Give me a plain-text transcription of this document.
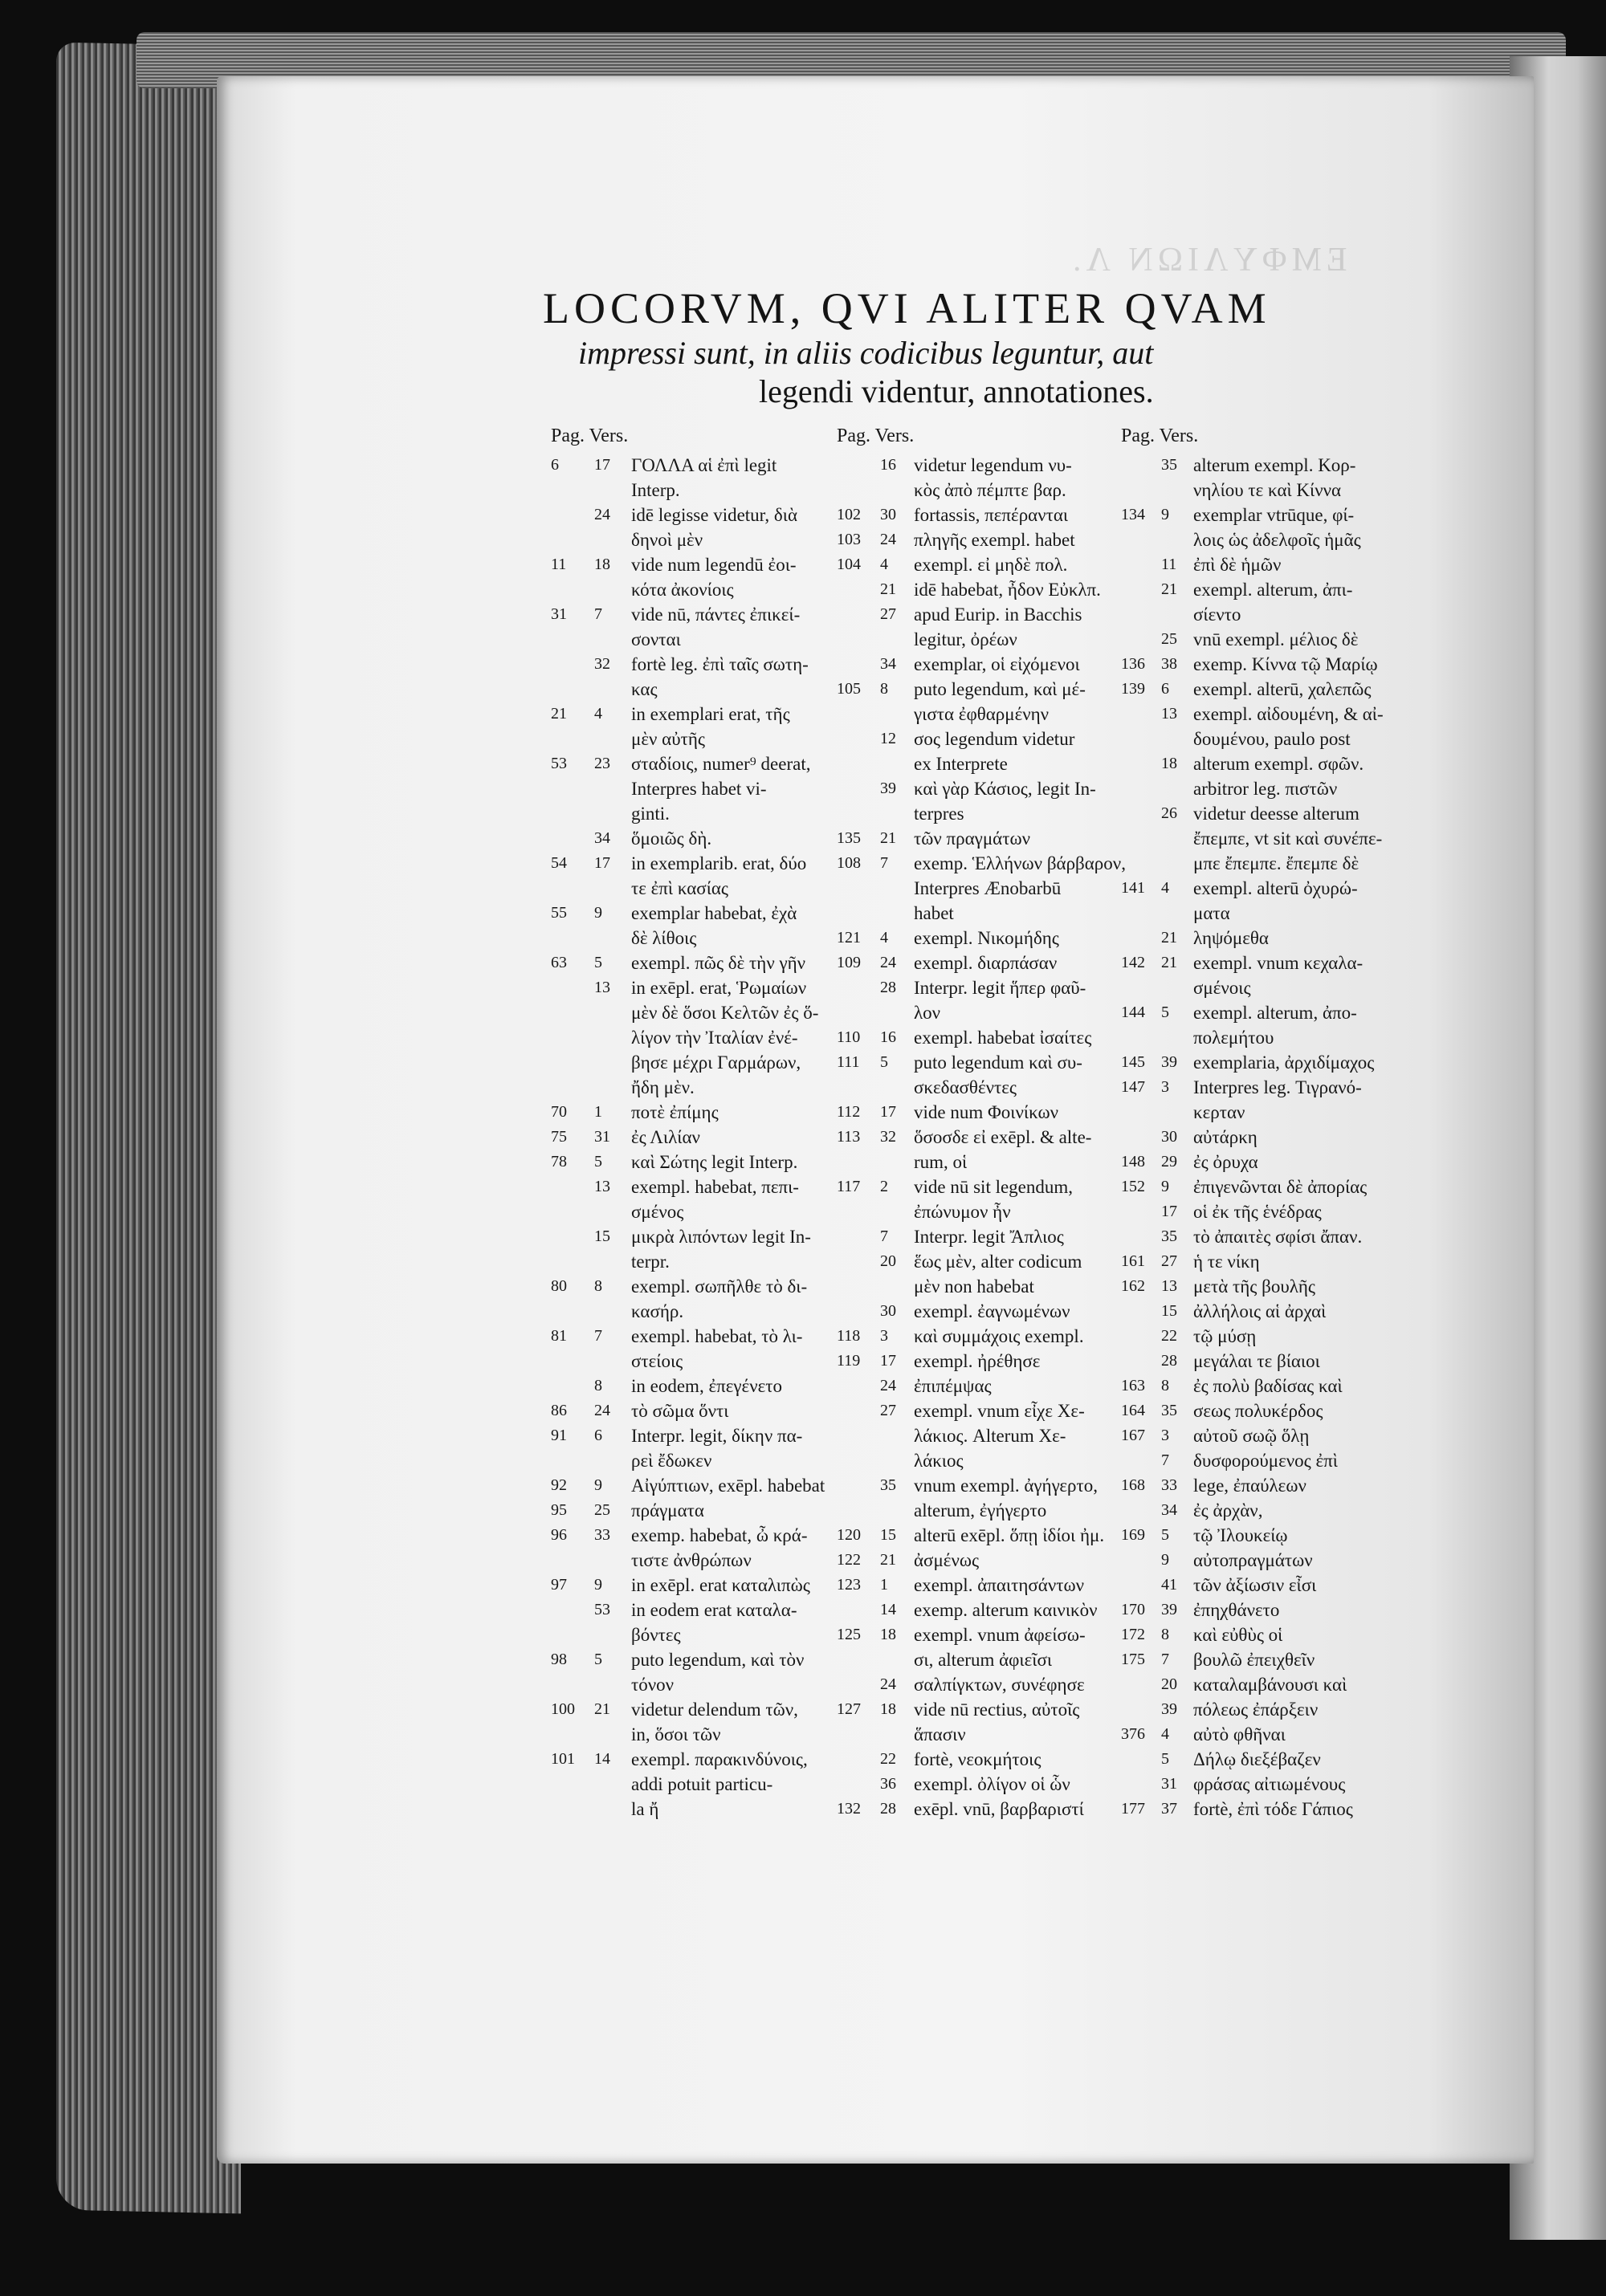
EMΦYΛIΩN Λ.
LOCORVM, QVI ALITER QVAM
impressi sunt, in aliis codicibus leguntur, aut
legendi videntur, annotationes.
Pag. Vers.
6 17 ΓΟΛΛΑ αἱ ἐπὶ legit
Interp.
24 idē legisse videtur, διὰ
δηνοὶ μὲν
11 18 vide num legendū ἐοι-
κότα ἀκονίοις
31 7 vide nū, πάντες ἐπικεί-
σονται
32 fortè leg. ἐπὶ ταῖς σωτη-
κας
21 4 in exemplari erat, τῆς
μὲν αὐτῆς
53 23 σταδίοις, numer⁹ deerat,
Interpres habet vi-
ginti.
34 ὅμοιῶς δὴ.
54 17 in exemplarib. erat, δύο
τε ἐπὶ κασίας
55 9 exemplar habebat, ἐχὰ
δὲ λίθοις
63 5 exempl. πῶς δὲ τὴν γῆν
13 in exēpl. erat, Ῥωμαίων
μὲν δὲ ὅσοι Κελτῶν ἐς ὅ-
λίγον τὴν Ἰταλίαν ἐνέ-
βησε μέχρι Γαρμάρων,
ἤδη μὲν.
70 1 ποτὲ ἐπίμης
75 31 ἐς Λιλίαν
78 5 καὶ Σώτης legit Interp.
13 exempl. habebat, πεπι-
σμένος
15 μικρὰ λιπόντων legit In-
terpr.
80 8 exempl. σωπῆλθε τὸ δι-
κασήρ.
81 7 exempl. habebat, τὸ λι-
στείοις
8 in eodem, ἐπεγένετο
86 24 τὸ σῶμα ὅντι
91 6 Interpr. legit, δίκην πα-
ρεὶ ἔδωκεν
92 9 Αἰγύπτιων, exēpl. habebat
95 25 πράγματα
96 33 exemp. habebat, ὦ κρά-
τιστε ἀνθρώπων
97 9 in exēpl. erat καταλιπὼς
53 in eodem erat καταλα-
βόντες
98 5 puto legendum, καὶ τὸν
τόνον
100 21 videtur delendum τῶν,
in, ὅσοι τῶν
101 14 exempl. παρακινδύνοις,
addi potuit particu-
la ἤ
Pag. Vers.
16 videtur legendum νυ-
κὸς ἀπὸ πέμπτε βαρ.
102 30 fortassis, πεπέρανται
103 24 πληγῆς exempl. habet
104 4 exempl. εἰ μηδὲ πολ.
21 idē habebat, ἦδον Εὐκλπ.
27 apud Eurip. in Bacchis
legitur, ὀρέων
34 exemplar, οἱ εἰχόμενοι
105 8 puto legendum, καὶ μέ-
γιστα ἐφθαρμένην
12 σος legendum videtur
ex Interprete
39 καὶ γὰρ Κάσιος, legit In-
terpres
135 21 τῶν πραγμάτων
108 7 exemp. Ἑλλήνων βάρβαρον,
Interpres Ænobarbū
habet
121 4 exempl. Νικομήδης
109 24 exempl. διαρπάσαν
28 Interpr. legit ἥπερ φαῦ-
λον
110 16 exempl. habebat ἰσαίτες
111 5 puto legendum καὶ συ-
σκεδασθέντες
112 17 vide num Φοινίκων
113 32 ὅσοσδε εἰ exēpl. & alte-
rum, οἱ
117 2 vide nū sit legendum,
ἐπώνυμον ἦν
7 Interpr. legit Ἄπλιος
20 ἕως μὲν, alter codicum
μὲν non habebat
30 exempl. ἐαγνωμένων
118 3 καὶ συμμάχοις exempl.
119 17 exempl. ἠρέθησε
24 ἐπιπέμψας
27 exempl. vnum εἶχε Χε-
λάκιος. Alterum Χε-
λάκιος
35 vnum exempl. ἀγήγερτο,
alterum, ἐγήγερτο
120 15 alterū exēpl. ὅπῃ ἰδίοι ἠμ.
122 21 ἀσμένως
123 1 exempl. ἀπαιτησάντων
14 exemp. alterum καινικὸν
125 18 exempl. vnum ἀφείσω-
σι, alterum ἀφιεῖσι
24 σαλπίγκτων, συνέφησε
127 18 vide nū rectius, αὐτοῖς
ἅπασιν
22 fortè, νεοκμήτοις
36 exempl. ὀλίγον οἱ ὧν
132 28 exēpl. vnū, βαρβαριστί
Pag. Vers.
35 alterum exempl. Κορ-
νηλίου τε καὶ Κίννα
134 9 exemplar vtrūque, φί-
λοις ὡς ἀδελφοῖς ἡμᾶς
11 ἐπὶ δὲ ἡμῶν
21 exempl. alterum, ἀπι-
σίεντο
25 vnū exempl. μέλιος δὲ
136 38 exemp. Κίννα τῷ Μαρίῳ
139 6 exempl. alterū, χαλεπῶς
13 exempl. αἰδουμένη, & αἰ-
δουμένου, paulo post
18 alterum exempl. σφῶν.
arbitror leg. πιστῶν
26 videtur deesse alterum
ἔπεμπε, vt sit καὶ συνέπε-
μπε ἔπεμπε. ἔπεμπε δὲ
141 4 exempl. alterū ὀχυρώ-
ματα
21 ληψόμεθα
142 21 exempl. vnum κεχαλα-
σμένοις
144 5 exempl. alterum, ἀπο-
πολεμήτου
145 39 exemplaria, ἀρχιδίμαχος
147 3 Interpres leg. Τιγρανό-
κερταν
30 αὐτάρκη
148 29 ἐς ὀρυχα
152 9 ἐπιγενῶνται δὲ ἀπορίας
17 οἱ ἐκ τῆς ἑνέδρας
35 τὸ ἀπαιτὲς σφίσι ἄπαν.
161 27 ἡ τε νίκη
162 13 μετὰ τῆς βουλῆς
15 ἀλλήλοις αἱ ἀρχαὶ
22 τῷ μύσῃ
28 μεγάλαι τε βίαιοι
163 8 ἐς πολὺ βαδίσας καὶ
164 35 σεως πολυκέρδος
167 3 αὐτοῦ σωῷ ὅλῃ
7 δυσφορούμενος ἐπὶ
168 33 lege, ἐπαύλεων
34 ἐς ἀρχὰν,
169 5 τῷ Ἰλουκείῳ
9 αὐτοπραγμάτων
41 τῶν ἀξίωσιν εἶσι
170 39 ἐπηχθάνετο
172 8 καὶ εὐθὺς οἱ
175 7 βουλῶ ἐπειχθεῖν
20 καταλαμβάνουσι καὶ
39 πόλεως ἐπάρξειν
376 4 αὐτὸ φθῆναι
5 Δήλῳ διεξέβαζεν
31 φράσας αἰτιωμένους
177 37 fortè, ἐπὶ τόδε Γάπιος
